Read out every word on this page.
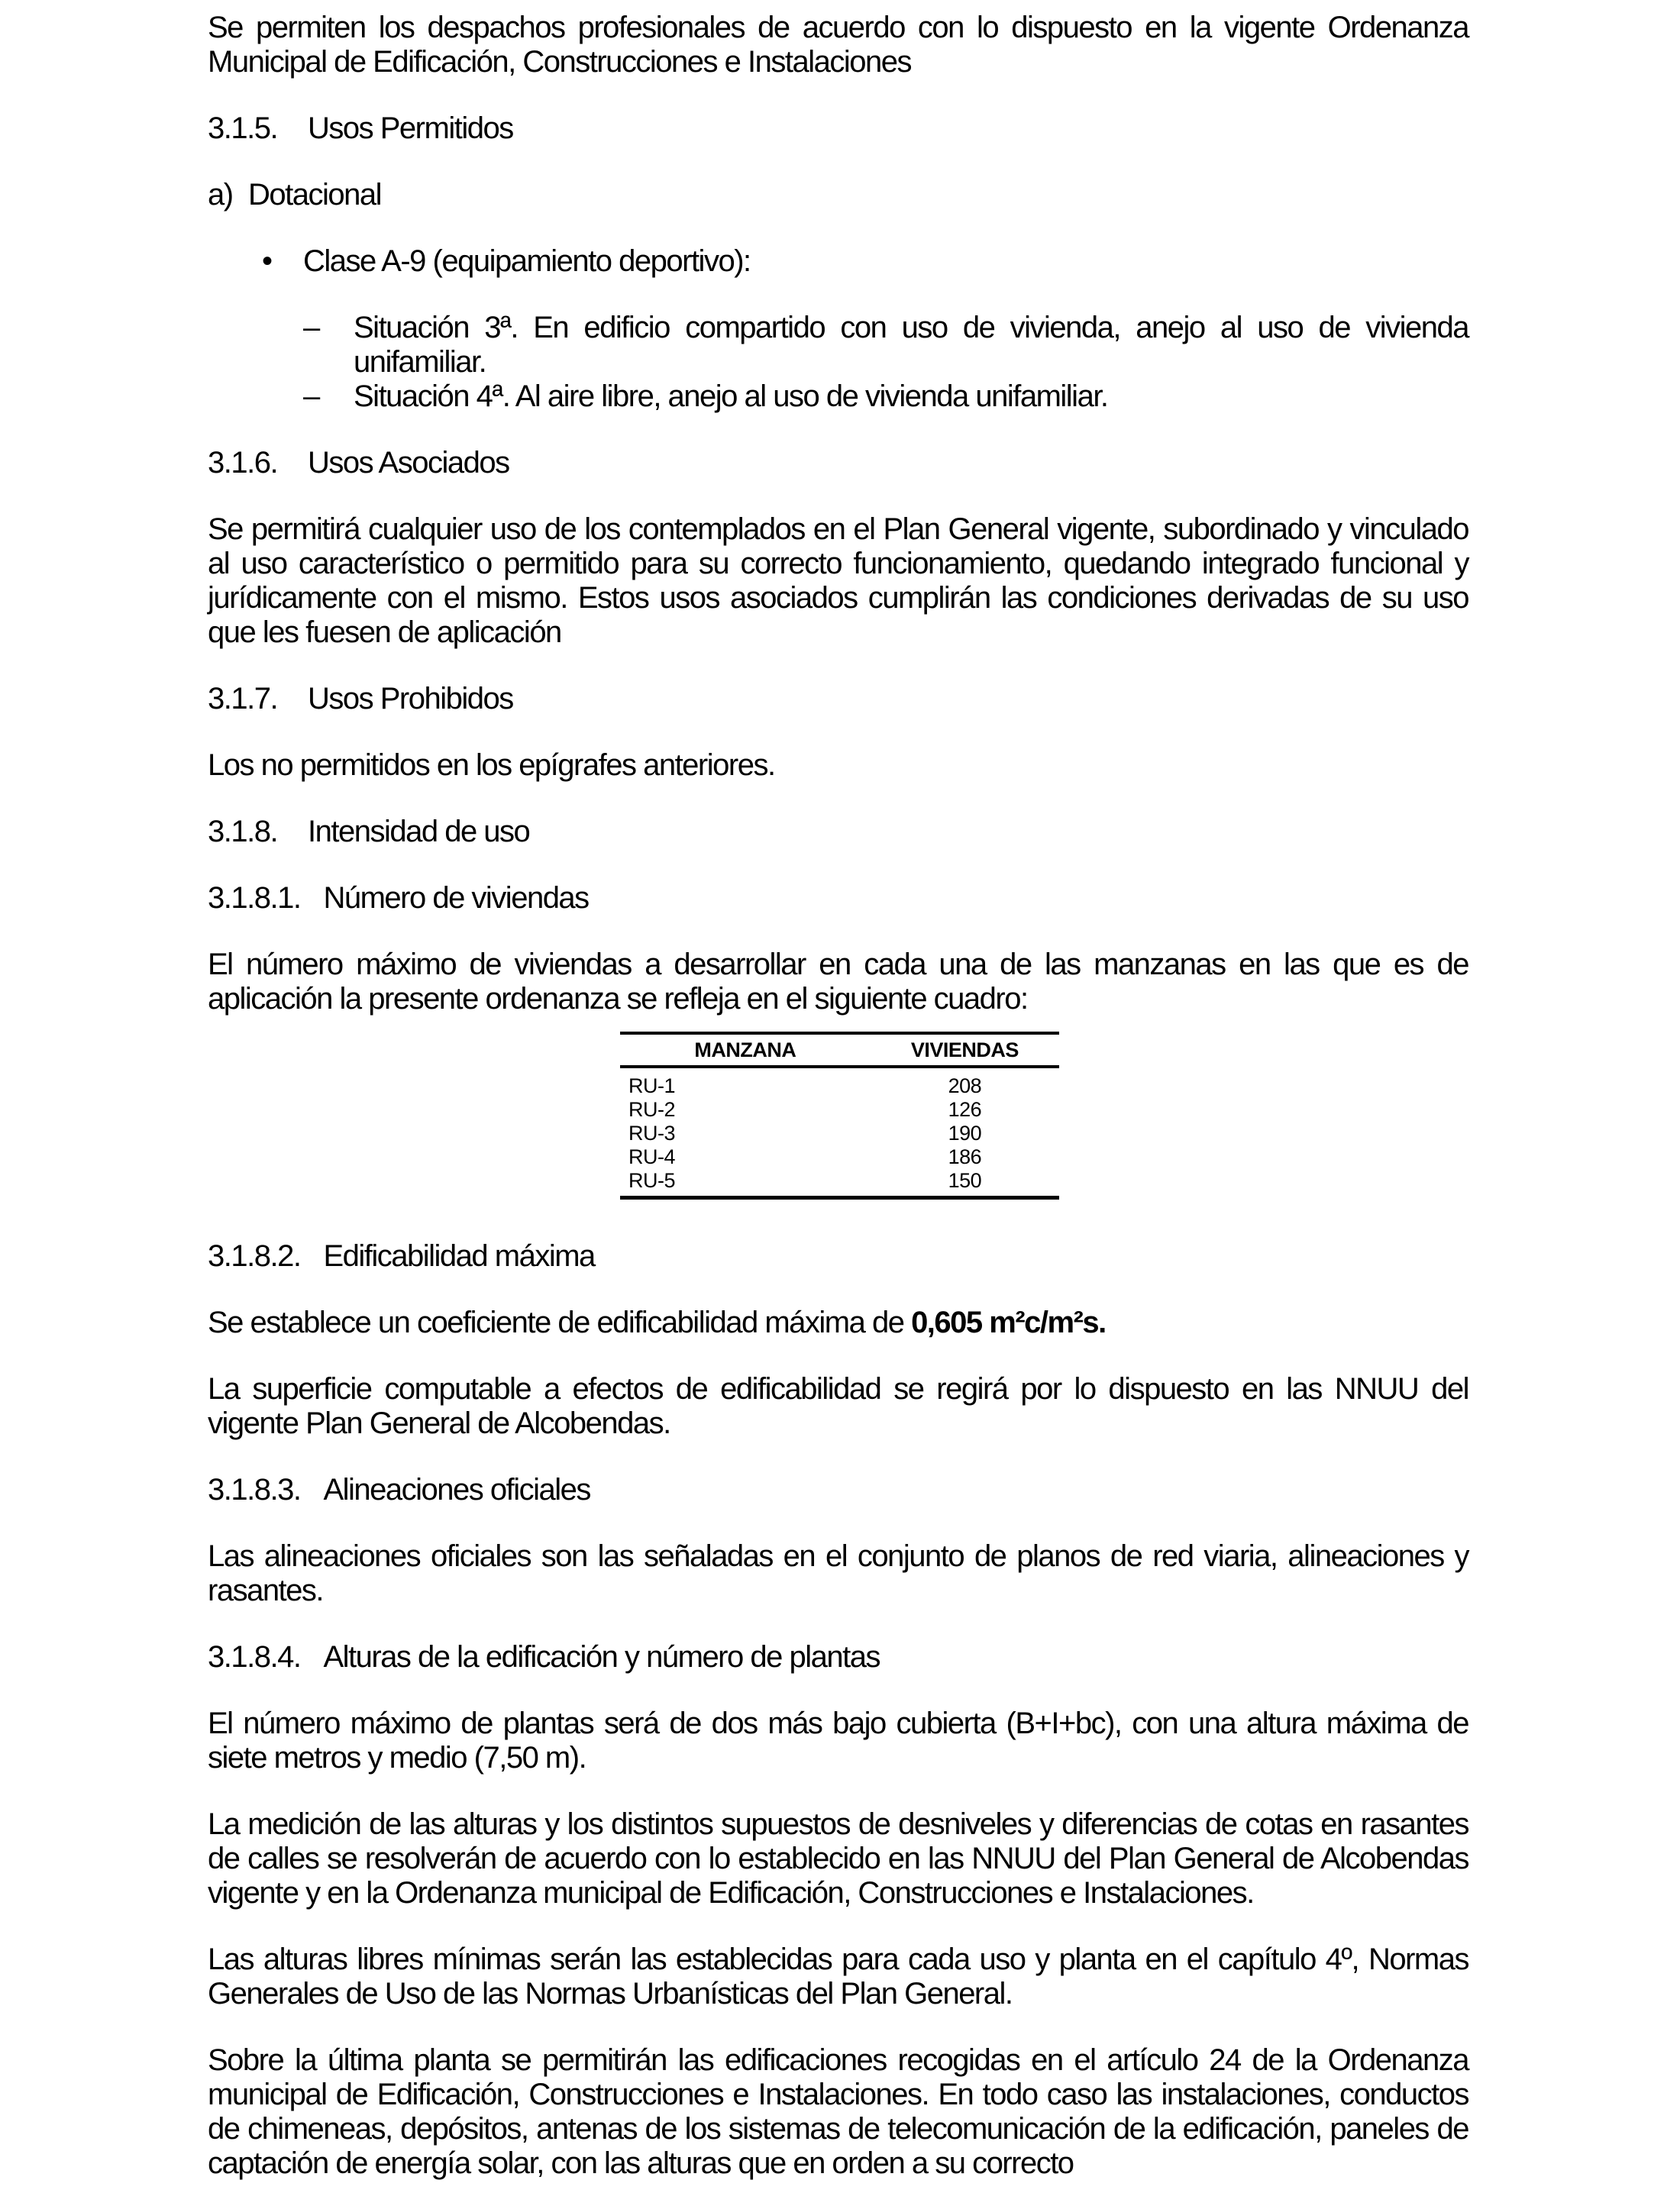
Se permiten los despachos profesionales de acuerdo con lo dispuesto en la vigente Ordenanza Municipal de Edificación, Construcciones e Instalaciones

3.1.5. Usos Permitidos
a) Dotacional
• Clase A-9 (equipamiento deportivo):
– Situación 3ª. En edificio compartido con uso de vivienda, anejo al uso de vivienda unifamiliar.
– Situación 4ª. Al aire libre, anejo al uso de vivienda unifamiliar.
3.1.6. Usos Asociados

Se permitirá cualquier uso de los contemplados en el Plan General vigente, subordinado y vinculado al uso característico o permitido para su correcto funcionamiento, quedando integrado funcional y jurídicamente con el mismo. Estos usos asociados cumplirán las condiciones derivadas de su uso que les fuesen de aplicación

3.1.7. Usos Prohibidos

Los no permitidos en los epígrafes anteriores.

3.1.8. Intensidad de uso
3.1.8.1. Número de viviendas

El número máximo de viviendas a desarrollar en cada una de las manzanas en las que es de aplicación la presente ordenanza se refleja en el siguiente cuadro:

MANZANA	VIVIENDAS
RU-1	208
RU-2	126
RU-3	190
RU-4	186
RU-5	150
3.1.8.2. Edificabilidad máxima

Se establece un coeficiente de edificabilidad máxima de 0,605 m²c/m²s.

La superficie computable a efectos de edificabilidad se regirá por lo dispuesto en las NNUU del vigente Plan General de Alcobendas.

3.1.8.3. Alineaciones oficiales

Las alineaciones oficiales son las señaladas en el conjunto de planos de red viaria, alineaciones y rasantes.

3.1.8.4. Alturas de la edificación y número de plantas

El número máximo de plantas será de dos más bajo cubierta (B+I+bc), con una altura máxima de siete metros y medio (7,50 m).

La medición de las alturas y los distintos supuestos de desniveles y diferencias de cotas en rasantes de calles se resolverán de acuerdo con lo establecido en las NNUU del Plan General de Alcobendas vigente y en la Ordenanza municipal de Edificación, Construcciones e Instalaciones.

Las alturas libres mínimas serán las establecidas para cada uso y planta en el capítulo 4º, Normas Generales de Uso de las Normas Urbanísticas del Plan General.

Sobre la última planta se permitirán las edificaciones recogidas en el artículo 24 de la Ordenanza municipal de Edificación, Construcciones e Instalaciones. En todo caso las instalaciones, conductos de chimeneas, depósitos, antenas de los sistemas de telecomunicación de la edificación, paneles de captación de energía solar, con las alturas que en orden a su correcto
